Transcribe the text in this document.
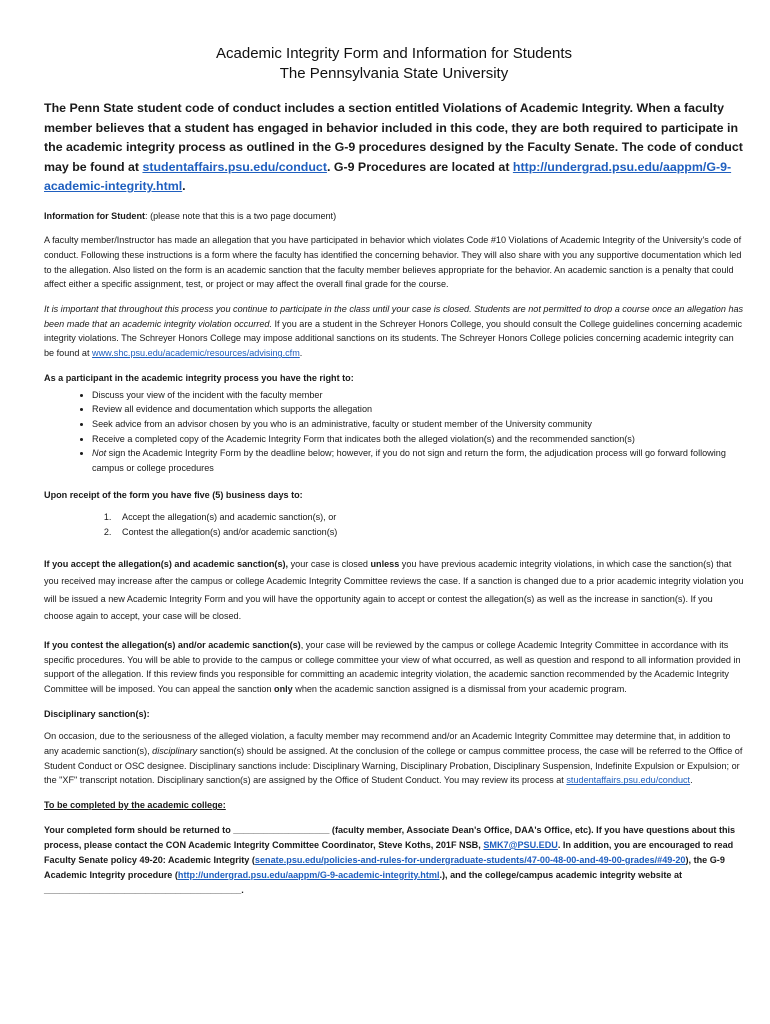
Academic Integrity Form and Information for Students
The Pennsylvania State University

The Penn State student code of conduct includes a section entitled Violations of Academic Integrity. When a faculty member believes that a student has engaged in behavior included in this code, they are both required to participate in the academic integrity process as outlined in the G-9 procedures designed by the Faculty Senate. The code of conduct may be found at studentaffairs.psu.edu/conduct. G-9 Procedures are located at http://undergrad.psu.edu/aappm/G-9-academic-integrity.html.

Information for Student: (please note that this is a two page document)

A faculty member/Instructor has made an allegation that you have participated in behavior which violates Code #10 Violations of Academic Integrity of the University's code of conduct. Following these instructions is a form where the faculty has identified the concerning behavior. They will also share with you any supportive documentation which led to the allegation. Also listed on the form is an academic sanction that the faculty member believes appropriate for the behavior. An academic sanction is a penalty that could affect either a specific assignment, test, or project or may affect the overall final grade for the course.

It is important that throughout this process you continue to participate in the class until your case is closed. Students are not permitted to drop a course once an allegation has been made that an academic integrity violation occurred. If you are a student in the Schreyer Honors College, you should consult the College guidelines concerning academic integrity violations. The Schreyer Honors College may impose additional sanctions on its students. The Schreyer Honors College policies concerning academic integrity can be found at www.shc.psu.edu/academic/resources/advising.cfm.

As a participant in the academic integrity process you have the right to:

• Discuss your view of the incident with the faculty member
• Review all evidence and documentation which supports the allegation
• Seek advice from an advisor chosen by you who is an administrative, faculty or student member of the University community
• Receive a completed copy of the Academic Integrity Form that indicates both the alleged violation(s) and the recommended sanction(s)
• Not sign the Academic Integrity Form by the deadline below; however, if you do not sign and return the form, the adjudication process will go forward following campus or college procedures

Upon receipt of the form you have five (5) business days to:

1. Accept the allegation(s) and academic sanction(s), or
2. Contest the allegation(s) and/or academic sanction(s)

If you accept the allegation(s) and academic sanction(s), your case is closed unless you have previous academic integrity violations, in which case the sanction(s) that you received may increase after the campus or college Academic Integrity Committee reviews the case. If a sanction is changed due to a prior academic integrity violation you will be issued a new Academic Integrity Form and you will have the opportunity again to accept or contest the allegation(s) as well as the increase in sanction(s). If you choose again to accept, your case will be closed.

If you contest the allegation(s) and/or academic sanction(s), your case will be reviewed by the campus or college Academic Integrity Committee in accordance with its specific procedures. You will be able to provide to the campus or college committee your view of what occurred, as well as question and respond to all information provided in support of the allegation. If this review finds you responsible for committing an academic integrity violation, the academic sanction recommended by the Academic Integrity Committee will be imposed. You can appeal the sanction only when the academic sanction assigned is a dismissal from your academic program.

Disciplinary sanction(s):

On occasion, due to the seriousness of the alleged violation, a faculty member may recommend and/or an Academic Integrity Committee may determine that, in addition to any academic sanction(s), disciplinary sanction(s) should be assigned. At the conclusion of the college or campus committee process, the case will be referred to the Office of Student Conduct or OSC designee. Disciplinary sanctions include: Disciplinary Warning, Disciplinary Probation, Disciplinary Suspension, Indefinite Expulsion or Expulsion; or the "XF" transcript notation. Disciplinary sanction(s) are assigned by the Office of Student Conduct. You may review its process at studentaffairs.psu.edu/conduct.

To be completed by the academic college:

Your completed form should be returned to ___________________ (faculty member, Associate Dean's Office, DAA's Office, etc). If you have questions about this process, please contact the CON Academic Integrity Committee Coordinator, Steve Koths, 201F NSB, SMK7@PSU.EDU. In addition, you are encouraged to read Faculty Senate policy 49-20: Academic Integrity (senate.psu.edu/policies-and-rules-for-undergraduate-students/47-00-48-00-and-49-00-grades/#49-20), the G-9 Academic Integrity procedure (http://undergrad.psu.edu/aappm/G-9-academic-integrity.html.), and the college/campus academic integrity website at _______________________________________.
